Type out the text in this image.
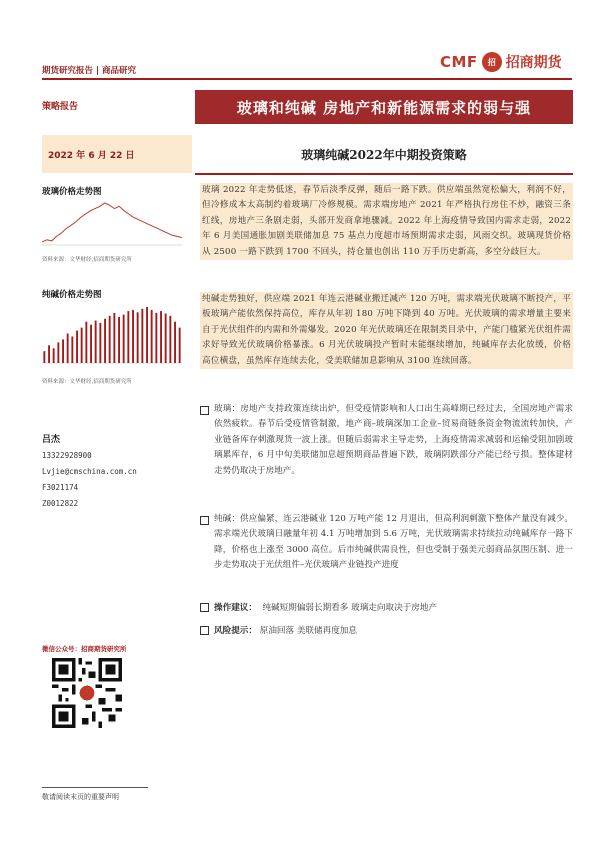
期货研究报告 | 商品研究	CMF	招 招商期货
策略报告	玻璃和纯碱 房地产和新能源需求的弱与强
2022 年 6 月 22 日	玻璃纯碱2022年中期投资策略
玻璃价格走势图
资料来源：文华财经,招商期货研究所
纯碱价格走势图
资料来源：文华财经,招商期货研究所
吕杰
13322928900
Lvjie@cmschina.com.cn
F3021174
Z0012822
微信公众号：招商期货研究所
玻璃 2022 年走势低迷，春节后淡季反弹，随后一路下跌。供应端虽然宽松偏大，利润不好，但冷修成本太高制约着玻璃厂冷修规模。需求端房地产 2021 年严格执行房住不炒，融资三条红线，房地产三条剧走弱，头部开发商拿地骤减。2022 年上海疫情导致国内需求走弱，2022 年 6 月美国通胀加剧美联储加息 75 基点力度超市场预期需求走弱，风雨交织。玻璃现货价格从 2500 一路下跌到 1700 不回头，持仓量也创出 110 万手历史新高，多空分歧巨大。
纯碱走势独好，供应端 2021 年连云港碱业搬迁减产 120 万吨，需求端光伏玻璃不断投产，平板玻璃产能依然保持高位，库存从年初 180 万吨下降到 40 万吨。光伏玻璃的需求增量主要来自于光伏组件的内需和外需爆发。2020 年光伏玻璃还在限制类目录中，产能门槛紧光伏组件需求好导致光伏玻璃价格暴涨。6 月光伏玻璃投产暂时未能继续增加，纯碱库存去化放缓，价格高位横盘，虽然库存连续去化，受美联储加息影响从 3100 连续回落。
玻璃：房地产支持政策连续出炉，但受疫情影响和人口出生高峰期已经过去，全国房地产需求依然疲软。春节后受疫情管制激，地产商–玻璃深加工企业–贸易商链条资金物流流转加快，产业链备库存刺激现货一波上涨。但随后弱需求主导走势，上海疫情需求减弱和运输受阻加剧玻璃累库存，6 月中旬美联储加息超预期商品普遍下跌，玻璃阴跌部分产能已经亏损。整体建材走势仍取决于房地产。
纯碱：供应偏紧，连云港碱业 120 万吨产能 12 月退出，但高利润刺激下整体产量没有减少。需求端光伏玻璃日融量年初 4.1 万吨增加到 5.6 万吨，光伏玻璃需求持续拉动纯碱库存一路下降，价格也上涨至 3000 高位。后市纯碱供需良性，但也受制于强美元弱商品氛围压制、进一步走势取决于光伏组件–光伏玻璃产业链投产进度
操作建议： 纯碱短期偏弱长期看多 玻璃走向取决于房地产
风险提示： 原油回落 美联储再度加息
敬请阅读末页的重要声明
